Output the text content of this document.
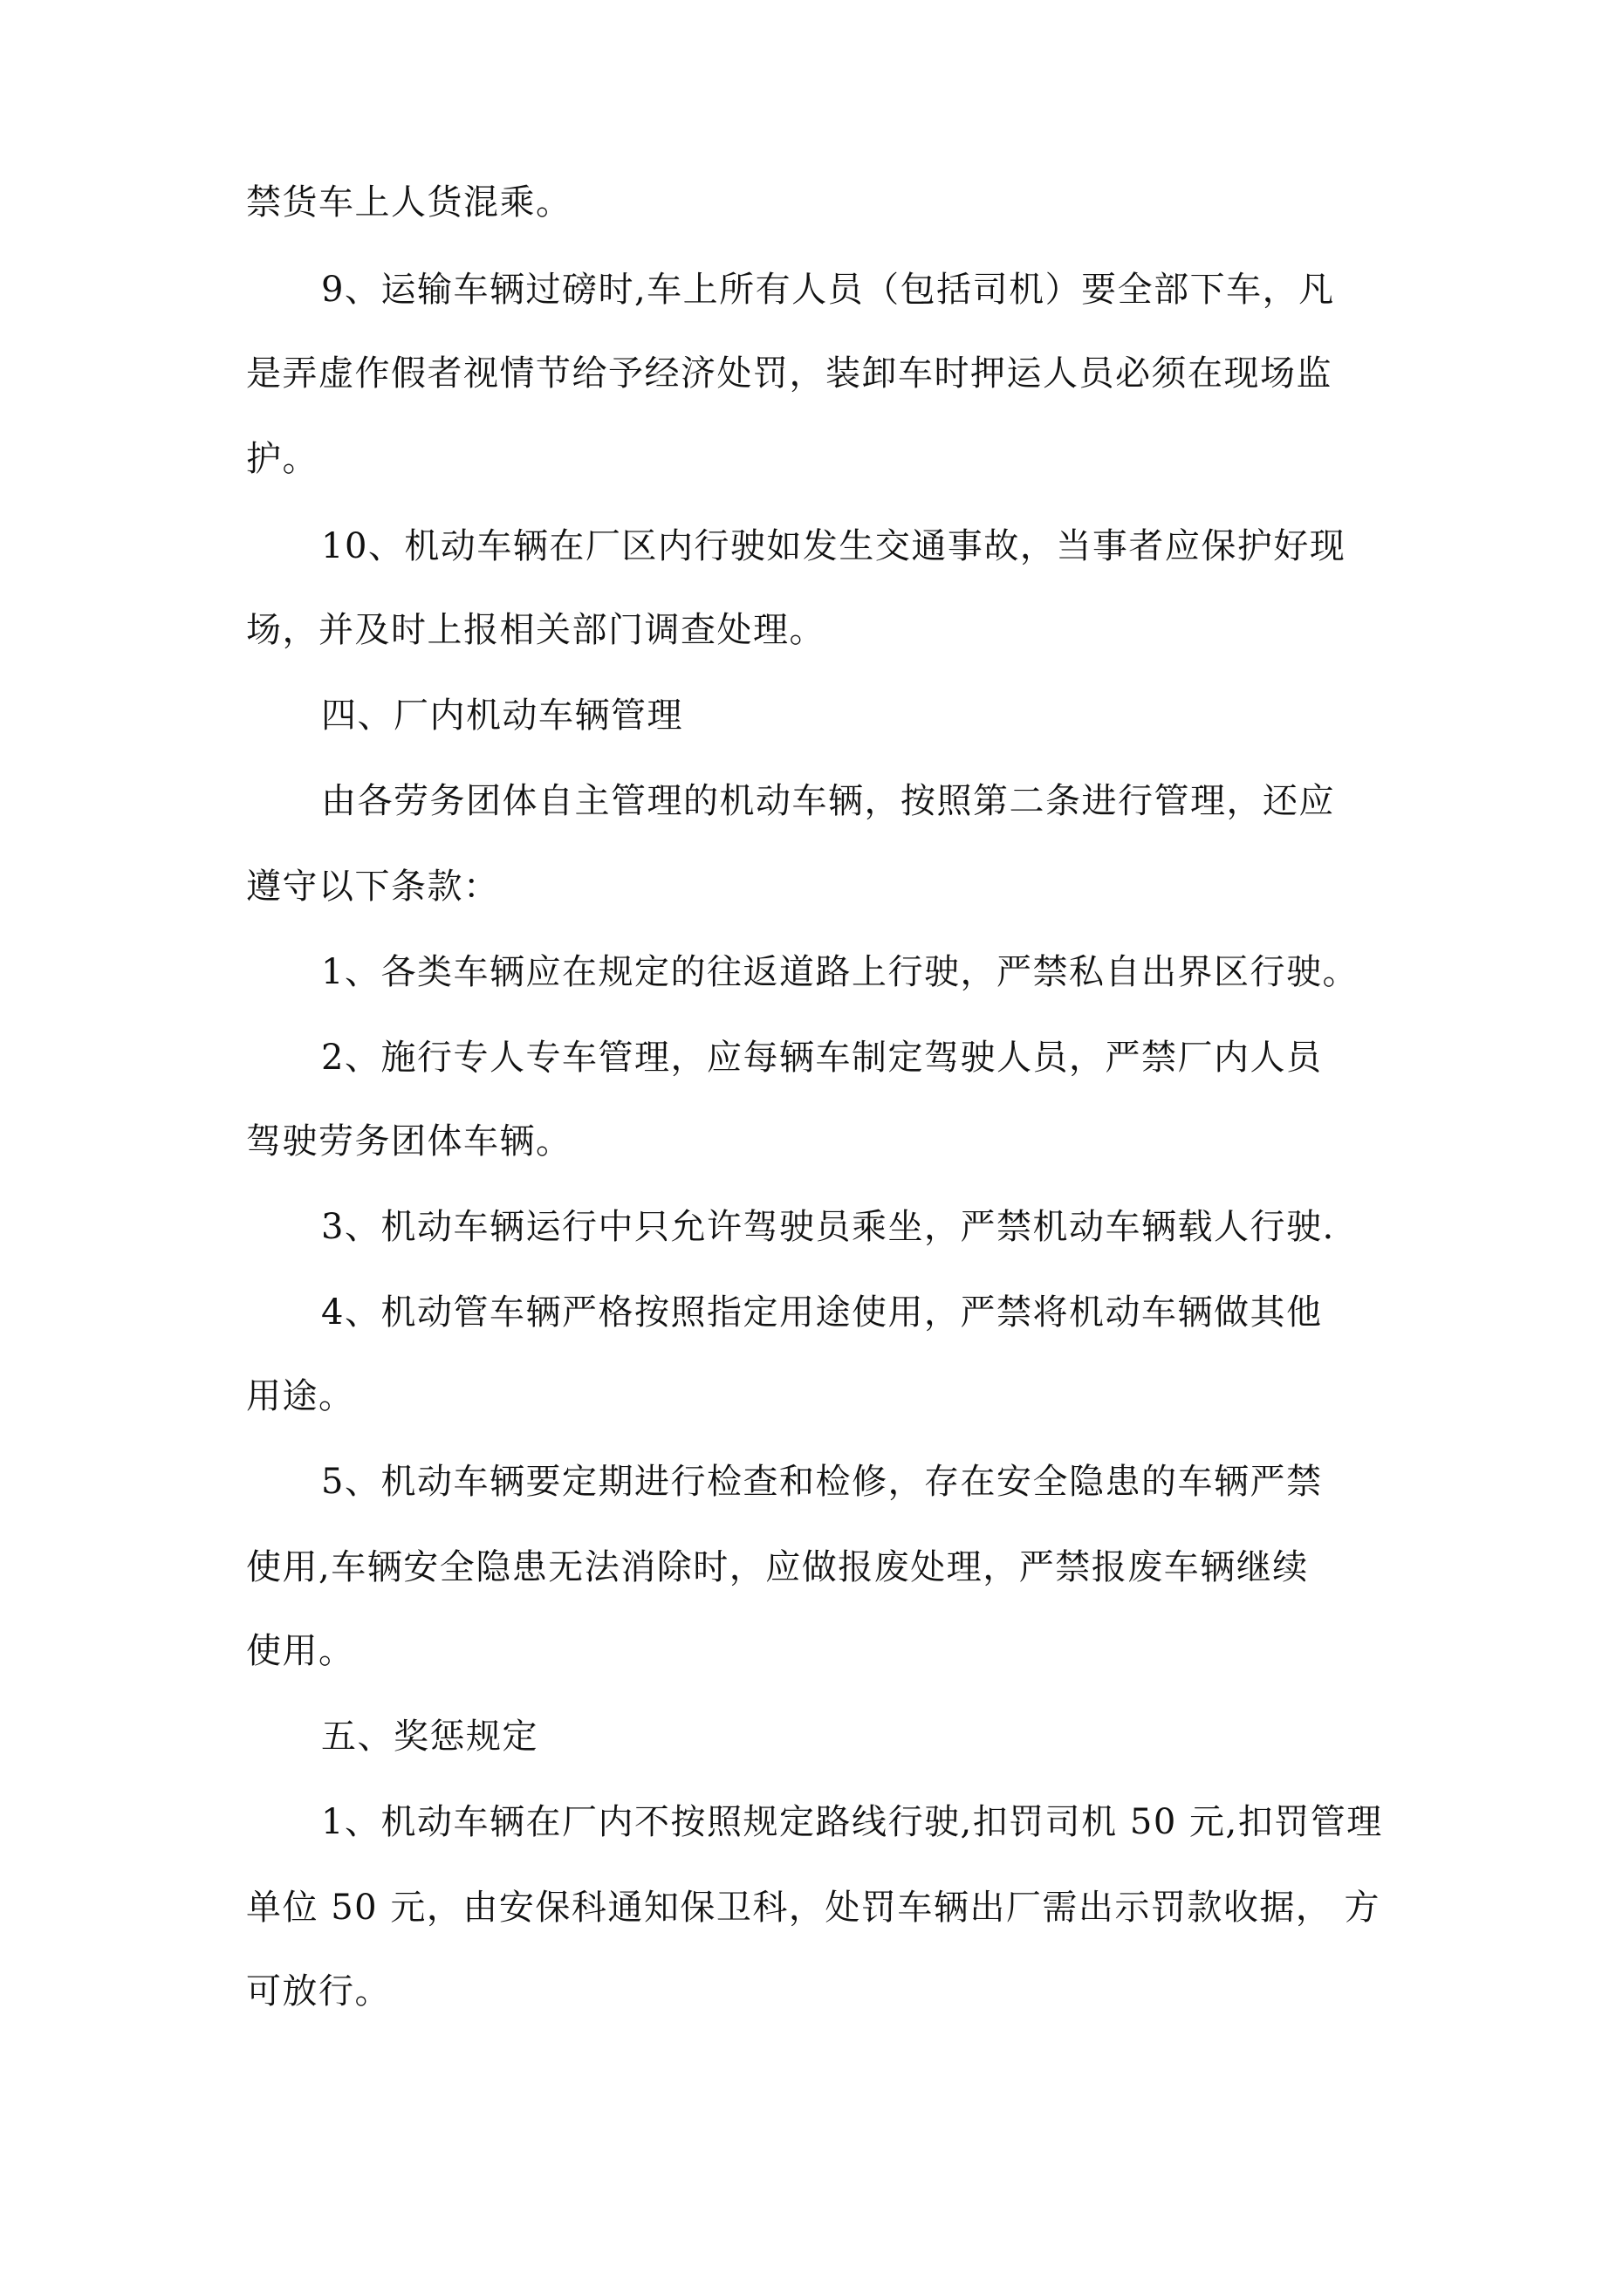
禁货车上人货混乘。
9、运输车辆过磅时,车上所有人员（包括司机）要全部下车，凡
是弄虚作假者视情节给予经济处罚，装卸车时押运人员必须在现场监
护。
10、机动车辆在厂区内行驶如发生交通事故，当事者应保护好现
场，并及时上报相关部门调查处理。
四、厂内机动车辆管理
由各劳务团体自主管理的机动车辆，按照第二条进行管理，还应
遵守以下条款：
1、各类车辆应在规定的往返道路上行驶，严禁私自出界区行驶。
2、施行专人专车管理，应每辆车制定驾驶人员，严禁厂内人员
驾驶劳务团体车辆。
3、机动车辆运行中只允许驾驶员乘坐，严禁机动车辆载人行驶.
4、机动管车辆严格按照指定用途使用，严禁将机动车辆做其他
用途。
5、机动车辆要定期进行检查和检修，存在安全隐患的车辆严禁
使用,车辆安全隐患无法消除时，应做报废处理，严禁报废车辆继续
使用。
五、奖惩规定
1、机动车辆在厂内不按照规定路线行驶,扣罚司机 50 元,扣罚管理
单位 50 元，由安保科通知保卫科，处罚车辆出厂需出示罚款收据， 方
可放行。
